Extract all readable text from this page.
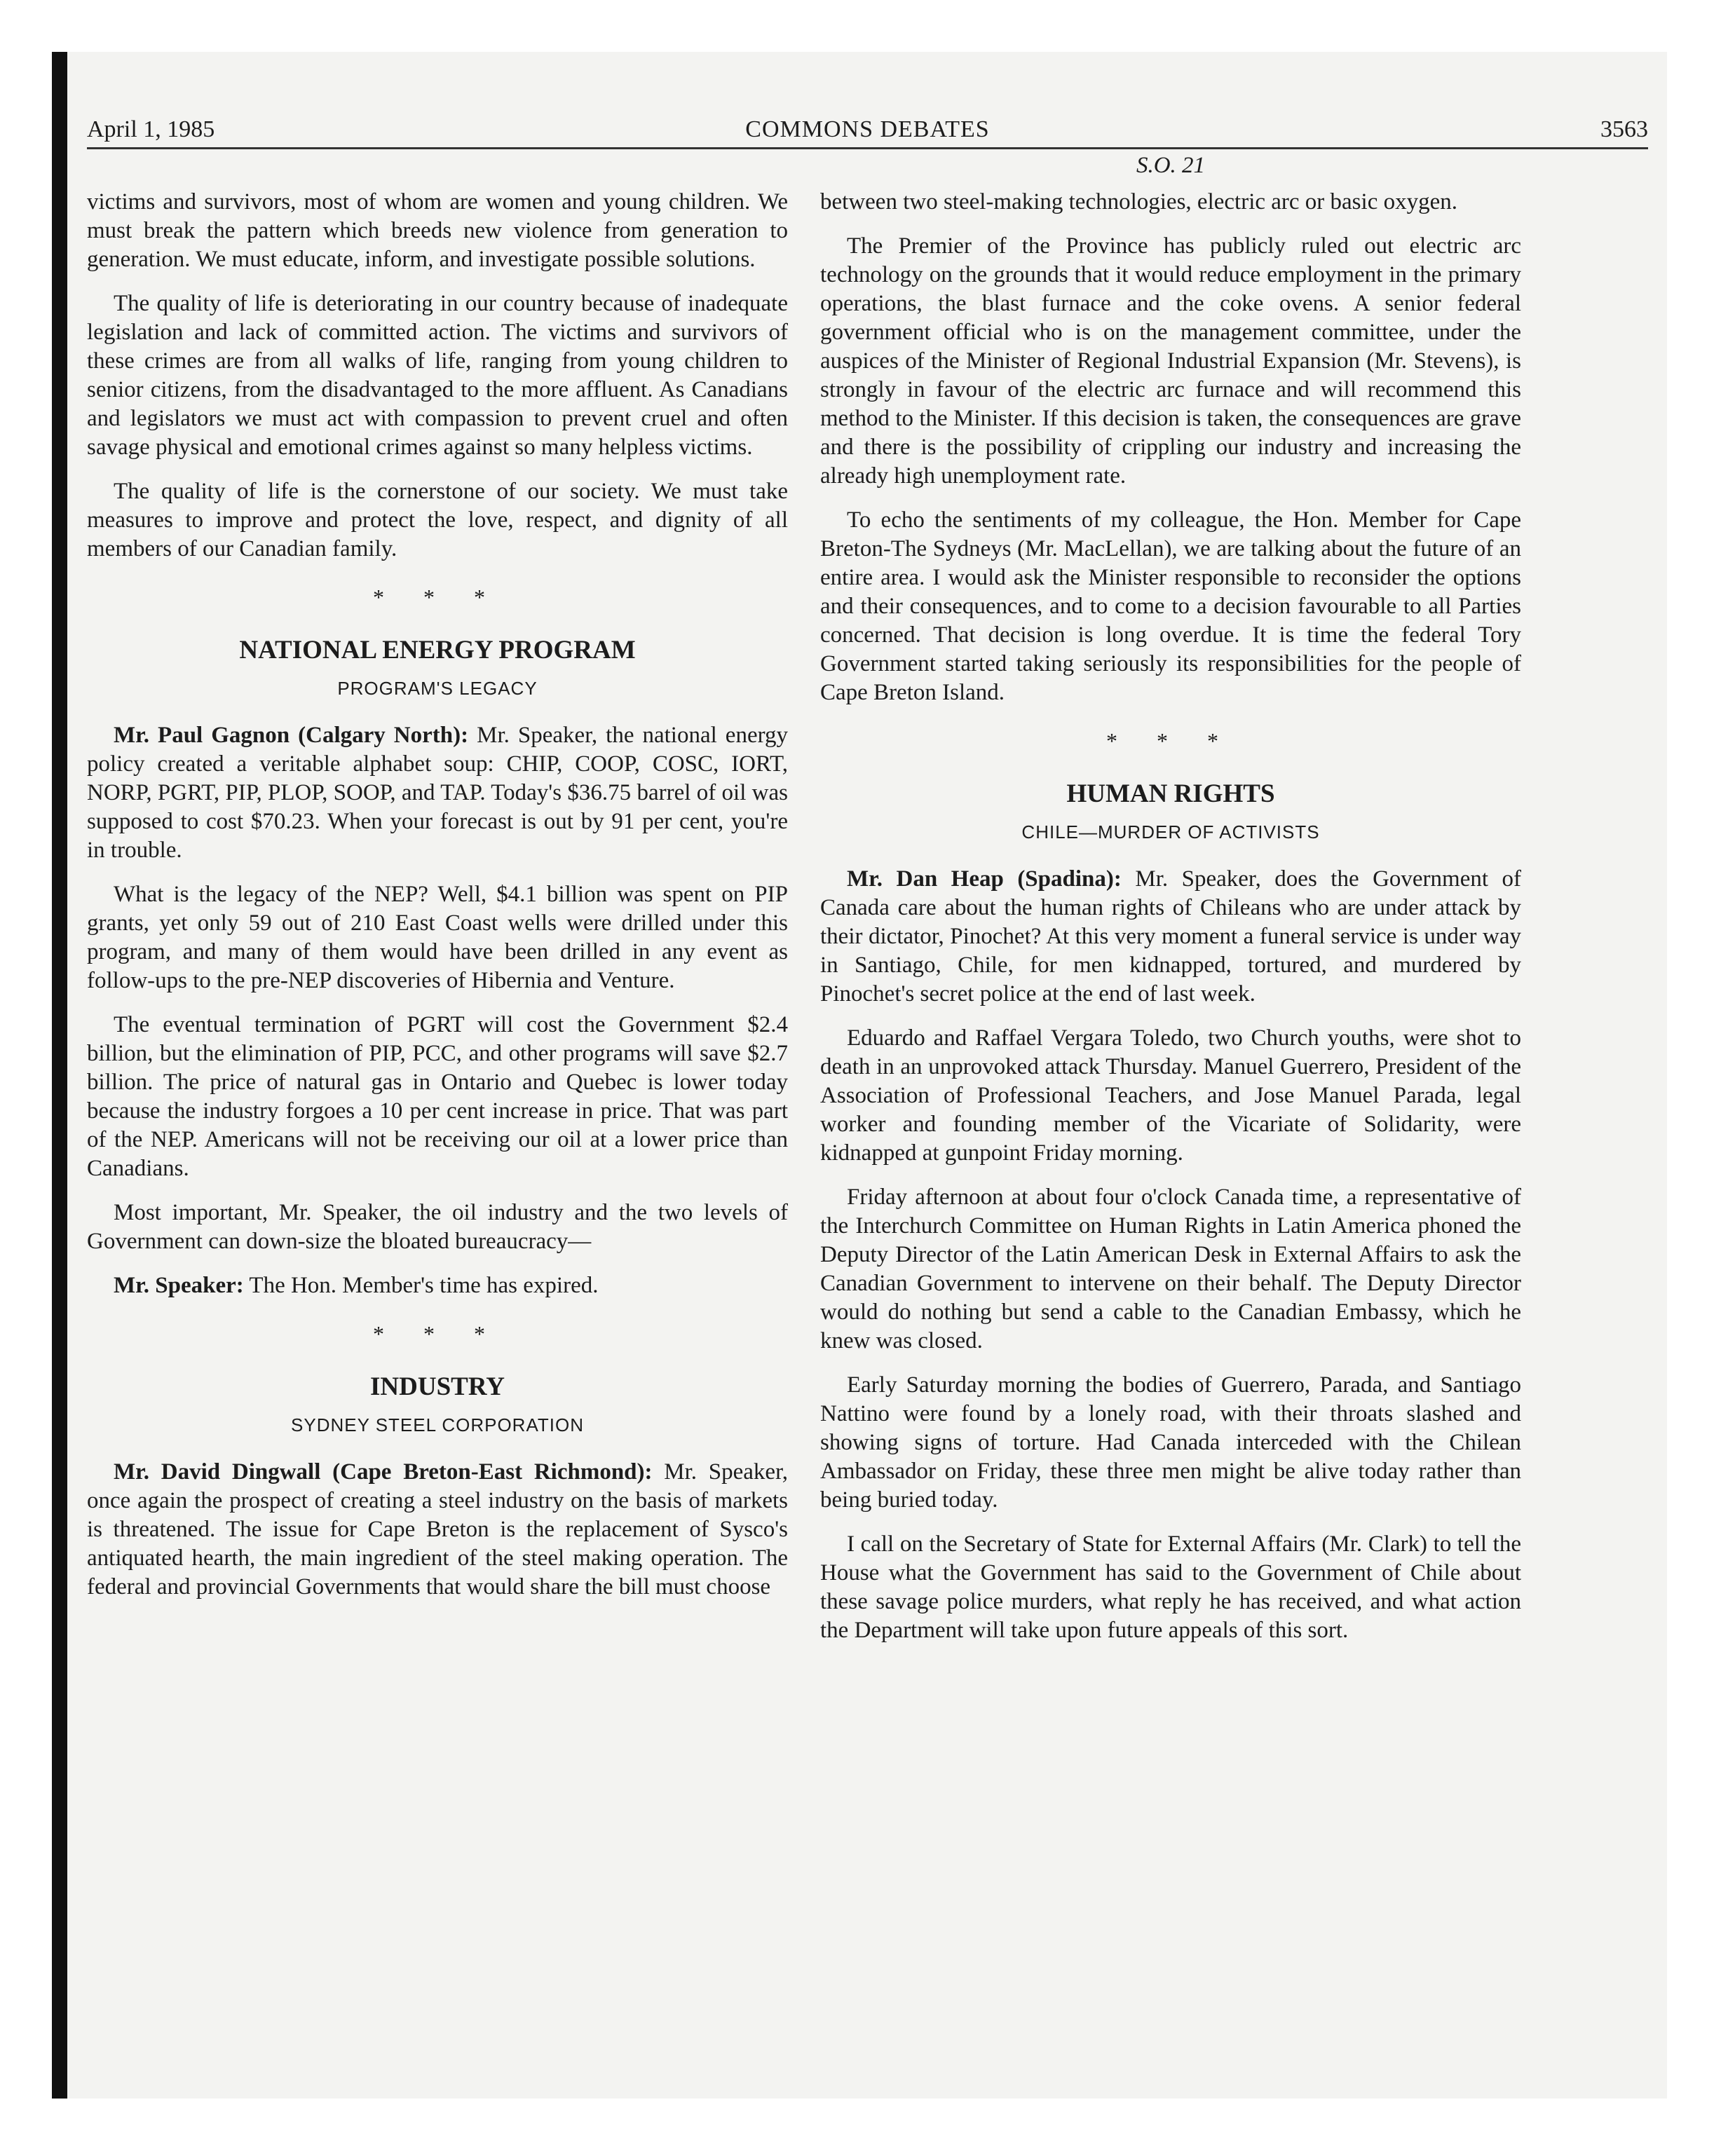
April 1, 1985	COMMONS DEBATES	3563
S.O. 21

victims and survivors, most of whom are women and young children. We must break the pattern which breeds new violence from generation to generation. We must educate, inform, and investigate possible solutions.

The quality of life is deteriorating in our country because of inadequate legislation and lack of committed action. The victims and survivors of these crimes are from all walks of life, ranging from young children to senior citizens, from the disadvantaged to the more affluent. As Canadians and legislators we must act with compassion to prevent cruel and often savage physical and emotional crimes against so many helpless victims.

The quality of life is the cornerstone of our society. We must take measures to improve and protect the love, respect, and dignity of all members of our Canadian family.

* * *
NATIONAL ENERGY PROGRAM
PROGRAM'S LEGACY

Mr. Paul Gagnon (Calgary North): Mr. Speaker, the national energy policy created a veritable alphabet soup: CHIP, COOP, COSC, IORT, NORP, PGRT, PIP, PLOP, SOOP, and TAP. Today's $36.75 barrel of oil was supposed to cost $70.23. When your forecast is out by 91 per cent, you're in trouble.

What is the legacy of the NEP? Well, $4.1 billion was spent on PIP grants, yet only 59 out of 210 East Coast wells were drilled under this program, and many of them would have been drilled in any event as follow-ups to the pre-NEP discoveries of Hibernia and Venture.

The eventual termination of PGRT will cost the Government $2.4 billion, but the elimination of PIP, PCC, and other programs will save $2.7 billion. The price of natural gas in Ontario and Quebec is lower today because the industry forgoes a 10 per cent increase in price. That was part of the NEP. Americans will not be receiving our oil at a lower price than Canadians.

Most important, Mr. Speaker, the oil industry and the two levels of Government can down-size the bloated bureaucracy—

Mr. Speaker: The Hon. Member's time has expired.

* * *
INDUSTRY
SYDNEY STEEL CORPORATION

Mr. David Dingwall (Cape Breton-East Richmond): Mr. Speaker, once again the prospect of creating a steel industry on the basis of markets is threatened. The issue for Cape Breton is the replacement of Sysco's antiquated hearth, the main ingredient of the steel making operation. The federal and provincial Governments that would share the bill must choose

between two steel-making technologies, electric arc or basic oxygen.

The Premier of the Province has publicly ruled out electric arc technology on the grounds that it would reduce employment in the primary operations, the blast furnace and the coke ovens. A senior federal government official who is on the management committee, under the auspices of the Minister of Regional Industrial Expansion (Mr. Stevens), is strongly in favour of the electric arc furnace and will recommend this method to the Minister. If this decision is taken, the consequences are grave and there is the possibility of crippling our industry and increasing the already high unemployment rate.

To echo the sentiments of my colleague, the Hon. Member for Cape Breton-The Sydneys (Mr. MacLellan), we are talking about the future of an entire area. I would ask the Minister responsible to reconsider the options and their consequences, and to come to a decision favourable to all Parties concerned. That decision is long overdue. It is time the federal Tory Government started taking seriously its responsibilities for the people of Cape Breton Island.

* * *
HUMAN RIGHTS
CHILE—MURDER OF ACTIVISTS

Mr. Dan Heap (Spadina): Mr. Speaker, does the Government of Canada care about the human rights of Chileans who are under attack by their dictator, Pinochet? At this very moment a funeral service is under way in Santiago, Chile, for men kidnapped, tortured, and murdered by Pinochet's secret police at the end of last week.

Eduardo and Raffael Vergara Toledo, two Church youths, were shot to death in an unprovoked attack Thursday. Manuel Guerrero, President of the Association of Professional Teachers, and Jose Manuel Parada, legal worker and founding member of the Vicariate of Solidarity, were kidnapped at gunpoint Friday morning.

Friday afternoon at about four o'clock Canada time, a representative of the Interchurch Committee on Human Rights in Latin America phoned the Deputy Director of the Latin American Desk in External Affairs to ask the Canadian Government to intervene on their behalf. The Deputy Director would do nothing but send a cable to the Canadian Embassy, which he knew was closed.

Early Saturday morning the bodies of Guerrero, Parada, and Santiago Nattino were found by a lonely road, with their throats slashed and showing signs of torture. Had Canada interceded with the Chilean Ambassador on Friday, these three men might be alive today rather than being buried today.

I call on the Secretary of State for External Affairs (Mr. Clark) to tell the House what the Government has said to the Government of Chile about these savage police murders, what reply he has received, and what action the Department will take upon future appeals of this sort.
